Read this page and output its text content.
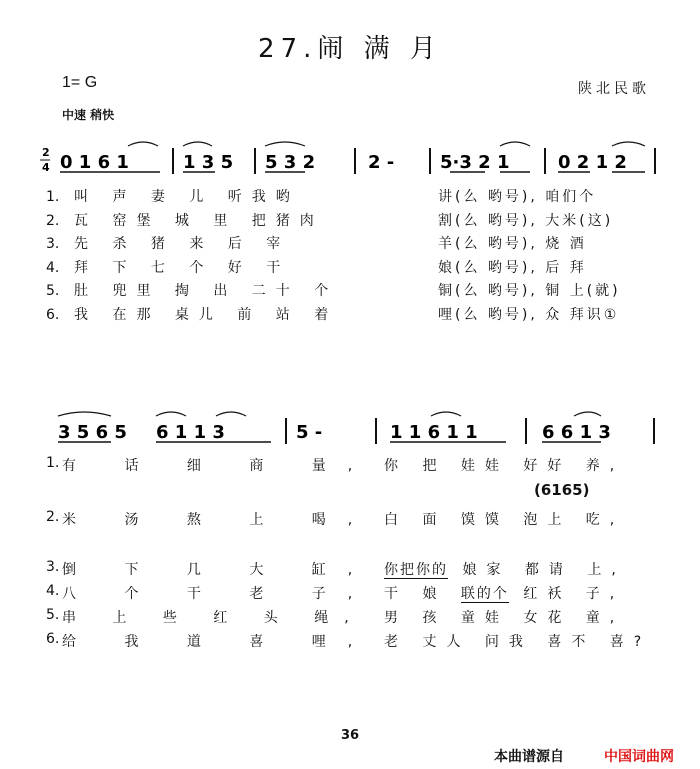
27.闹 满 月
1= G	陕北民歌
中速 稍快
2
4 0 1 6 1	1 3 5 5 3 2	2 -	5·3 2 1	0 2 1 2
1. 叫 声 妻 儿 听我哟	讲(么 哟号), 咱们个
2. 瓦 窑堡 城 里 把猪肉	割(么 哟号), 大米(这)
3. 先 杀 猪 来 后 宰	羊(么 哟号), 烧 酒
4. 拜 下 七 个 好 干	娘(么 哟号), 后 拜
5. 肚 兜里 掏 出 二十 个	铜(么 哟号), 铜 上(就)
6. 我 在那 桌儿 前 站 着	哩(么 哟号), 众 拜识①
3 5 6 5 6 1 1 3	5 -	1 1 6 1 1	6 6 1 3
1. 有 话 细 商 量, 你 把 娃娃 好好 养,
(6165)
2. 米 汤 熬 上 喝, 白 面 馍馍 泡上 吃,
3. 倒 下 几 大 缸, 你把你的 娘家 都请 上,
4. 八 个 干 老 子, 干 娘 联的个 红袄 子,
5. 串 上 些 红 头 绳, 男 孩 童娃 女花 童,
6. 给 我 道 喜 哩, 老 丈人 问我 喜不 喜?
36
本曲谱源自	中国词曲网
